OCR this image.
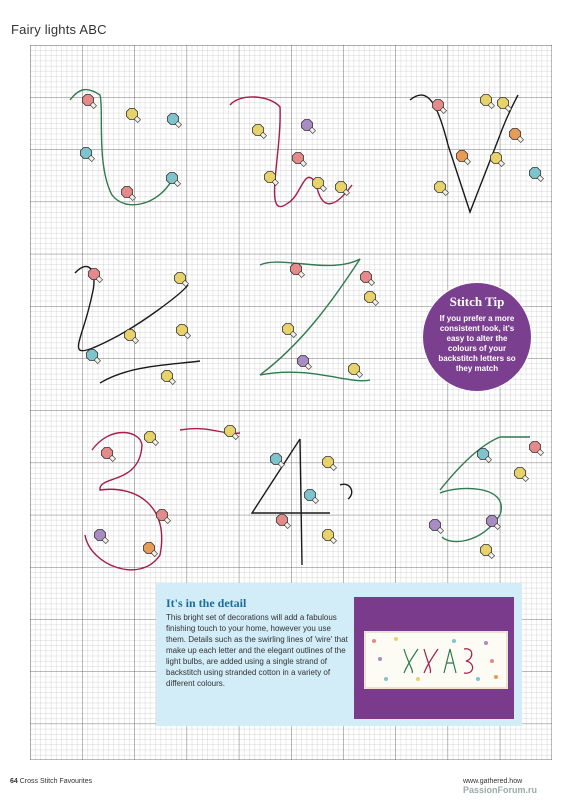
Fairy lights ABC
Stitch Tip
If you prefer a more consistent look, it's easy to alter the colours of your backstitch letters so they match
It's in the detail
This bright set of decorations will add a fabulous finishing touch to your home, however you use them. Details such as the swirling lines of 'wire' that make up each letter and the elegant outlines of the light bulbs, are added using a single strand of backstitch using stranded cotton in a variety of different colours.
64 Cross Stitch Favourites	www.gathered.how
PassionForum.ru
